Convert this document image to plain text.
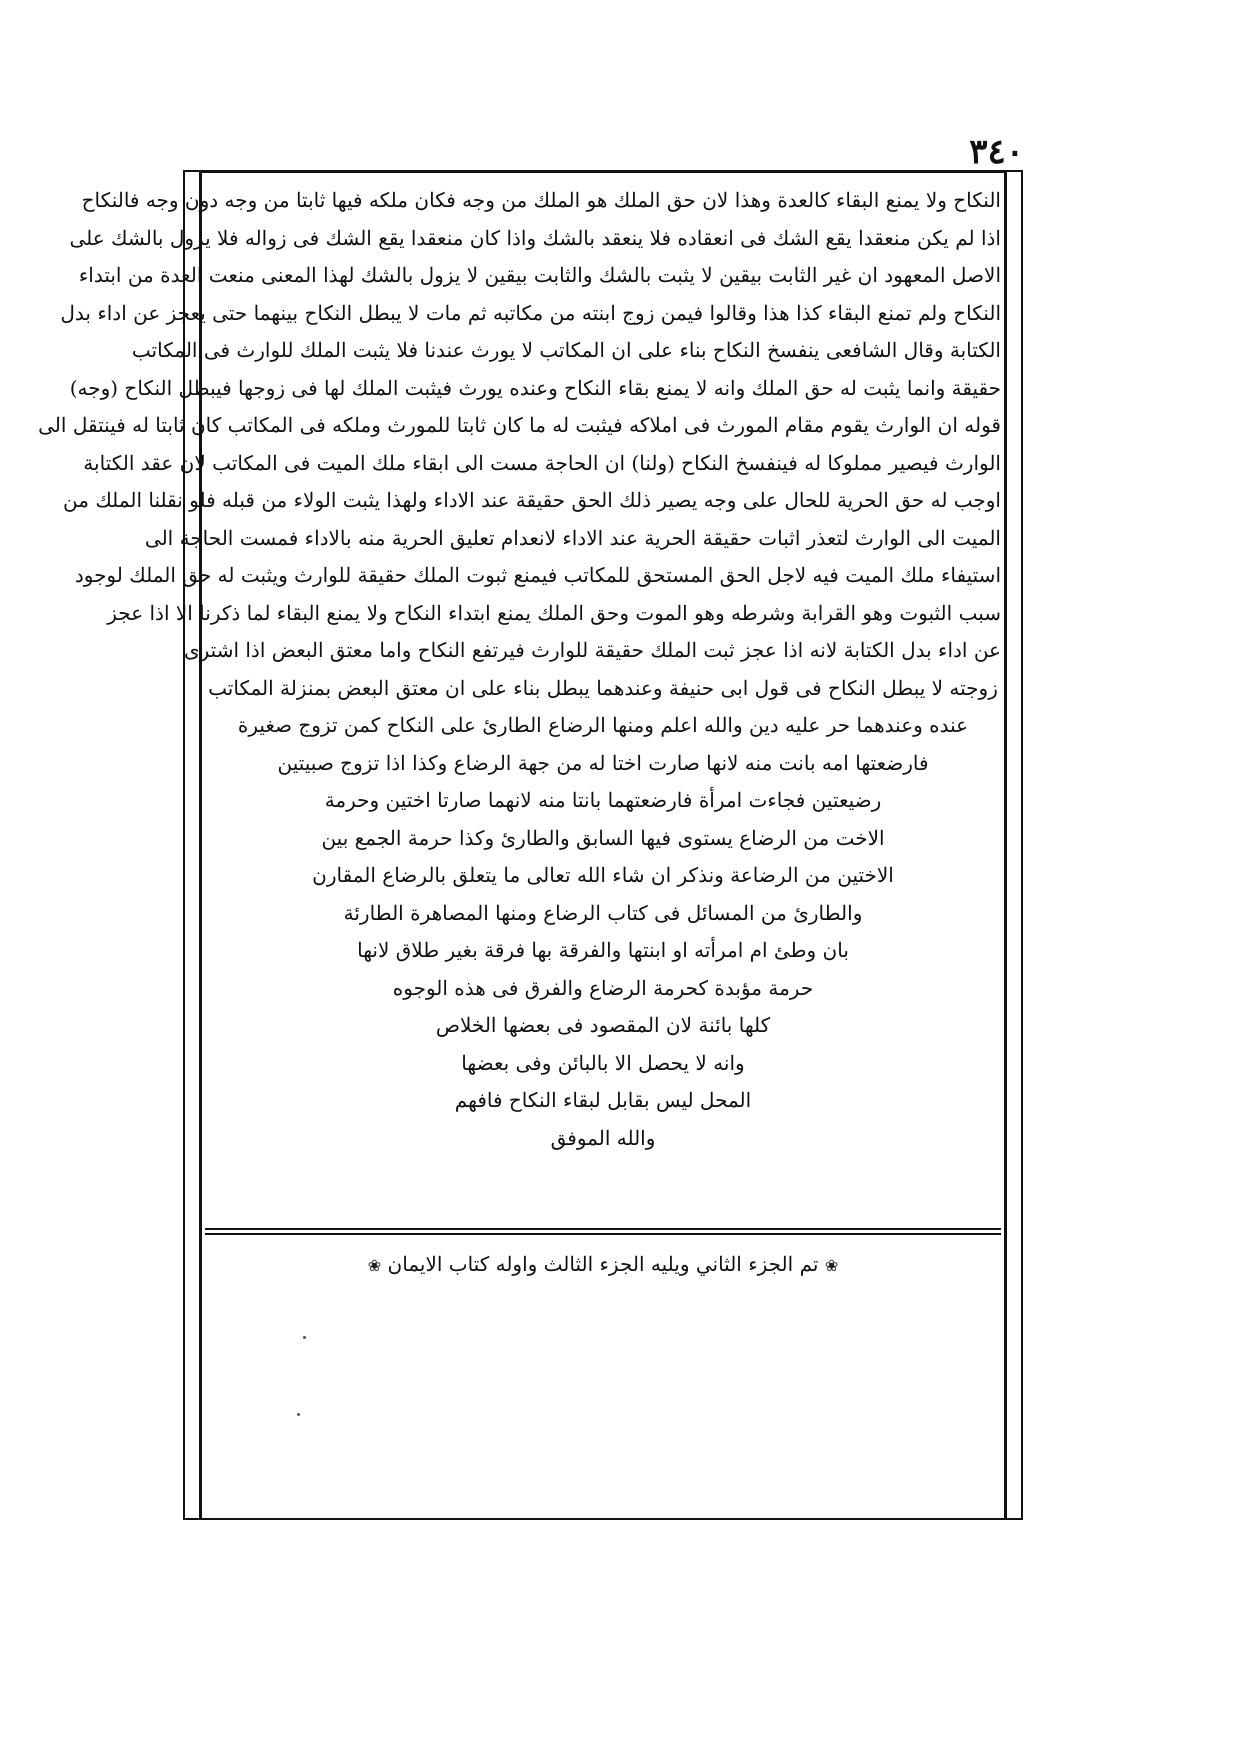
۳٤۰
النكاح ولا يمنع البقاء كالعدة وهذا لان حق الملك هو الملك من وجه فكان ملكه فيها ثابتا من وجه دون وجه فالنكاح
اذا لم يكن منعقدا يقع الشك فى انعقاده فلا ينعقد بالشك واذا كان منعقدا يقع الشك فى زواله فلا يزول بالشك على
الاصل المعهود ان غير الثابت بيقين لا يثبت بالشك والثابت بيقين لا يزول بالشك لهذا المعنى منعت العدة من ابتداء
النكاح ولم تمنع البقاء كذا هذا وقالوا فيمن زوج ابنته من مكاتبه ثم مات لا يبطل النكاح بينهما حتى يعجز عن اداء بدل
الكتابة وقال الشافعى ينفسخ النكاح بناء على ان المكاتب لا يورث عندنا فلا يثبت الملك للوارث فى المكاتب
حقيقة وانما يثبت له حق الملك وانه لا يمنع بقاء النكاح وعنده يورث فيثبت الملك لها فى زوجها فيبطل النكاح (وجه)
قوله ان الوارث يقوم مقام المورث فى املاكه فيثبت له ما كان ثابتا للمورث وملكه فى المكاتب كان ثابتا له فينتقل الى
الوارث فيصير مملوكا له فينفسخ النكاح (ولنا) ان الحاجة مست الى ابقاء ملك الميت فى المكاتب لان عقد الكتابة
اوجب له حق الحرية للحال على وجه يصير ذلك الحق حقيقة عند الاداء ولهذا يثبت الولاء من قبله فلو نقلنا الملك من
الميت الى الوارث لتعذر اثبات حقيقة الحرية عند الاداء لانعدام تعليق الحرية منه بالاداء فمست الحاجة الى
استيفاء ملك الميت فيه لاجل الحق المستحق للمكاتب فيمنع ثبوت الملك حقيقة للوارث ويثبت له حق الملك لوجود
سبب الثبوت وهو القرابة وشرطه وهو الموت وحق الملك يمنع ابتداء النكاح ولا يمنع البقاء لما ذكرنا الا اذا عجز
عن اداء بدل الكتابة لانه اذا عجز ثبت الملك حقيقة للوارث فيرتفع النكاح واما معتق البعض اذا اشترى
زوجته لا يبطل النكاح فى قول ابى حنيفة وعندهما يبطل بناء على ان معتق البعض بمنزلة المكاتب
عنده وعندهما حر عليه دين والله اعلم ومنها الرضاع الطارئ على النكاح كمن تزوج صغيرة
فارضعتها امه بانت منه لانها صارت اختا له من جهة الرضاع وكذا اذا تزوج صبيتين
رضيعتين فجاءت امرأة فارضعتهما بانتا منه لانهما صارتا اختين وحرمة
الاخت من الرضاع يستوى فيها السابق والطارئ وكذا حرمة الجمع بين
الاختين من الرضاعة ونذكر ان شاء الله تعالى ما يتعلق بالرضاع المقارن
والطارئ من المسائل فى كتاب الرضاع ومنها المصاهرة الطارئة
بان وطئ ام امرأته او ابنتها والفرقة بها فرقة بغير طلاق لانها
حرمة مؤبدة كحرمة الرضاع والفرق فى هذه الوجوه
كلها بائنة لان المقصود فى بعضها الخلاص
وانه لا يحصل الا بالبائن وفى بعضها
المحل ليس بقابل لبقاء النكاح فافهم
والله الموفق
❀ تم الجزء الثاني ويليه الجزء الثالث واوله كتاب الايمان ❀
